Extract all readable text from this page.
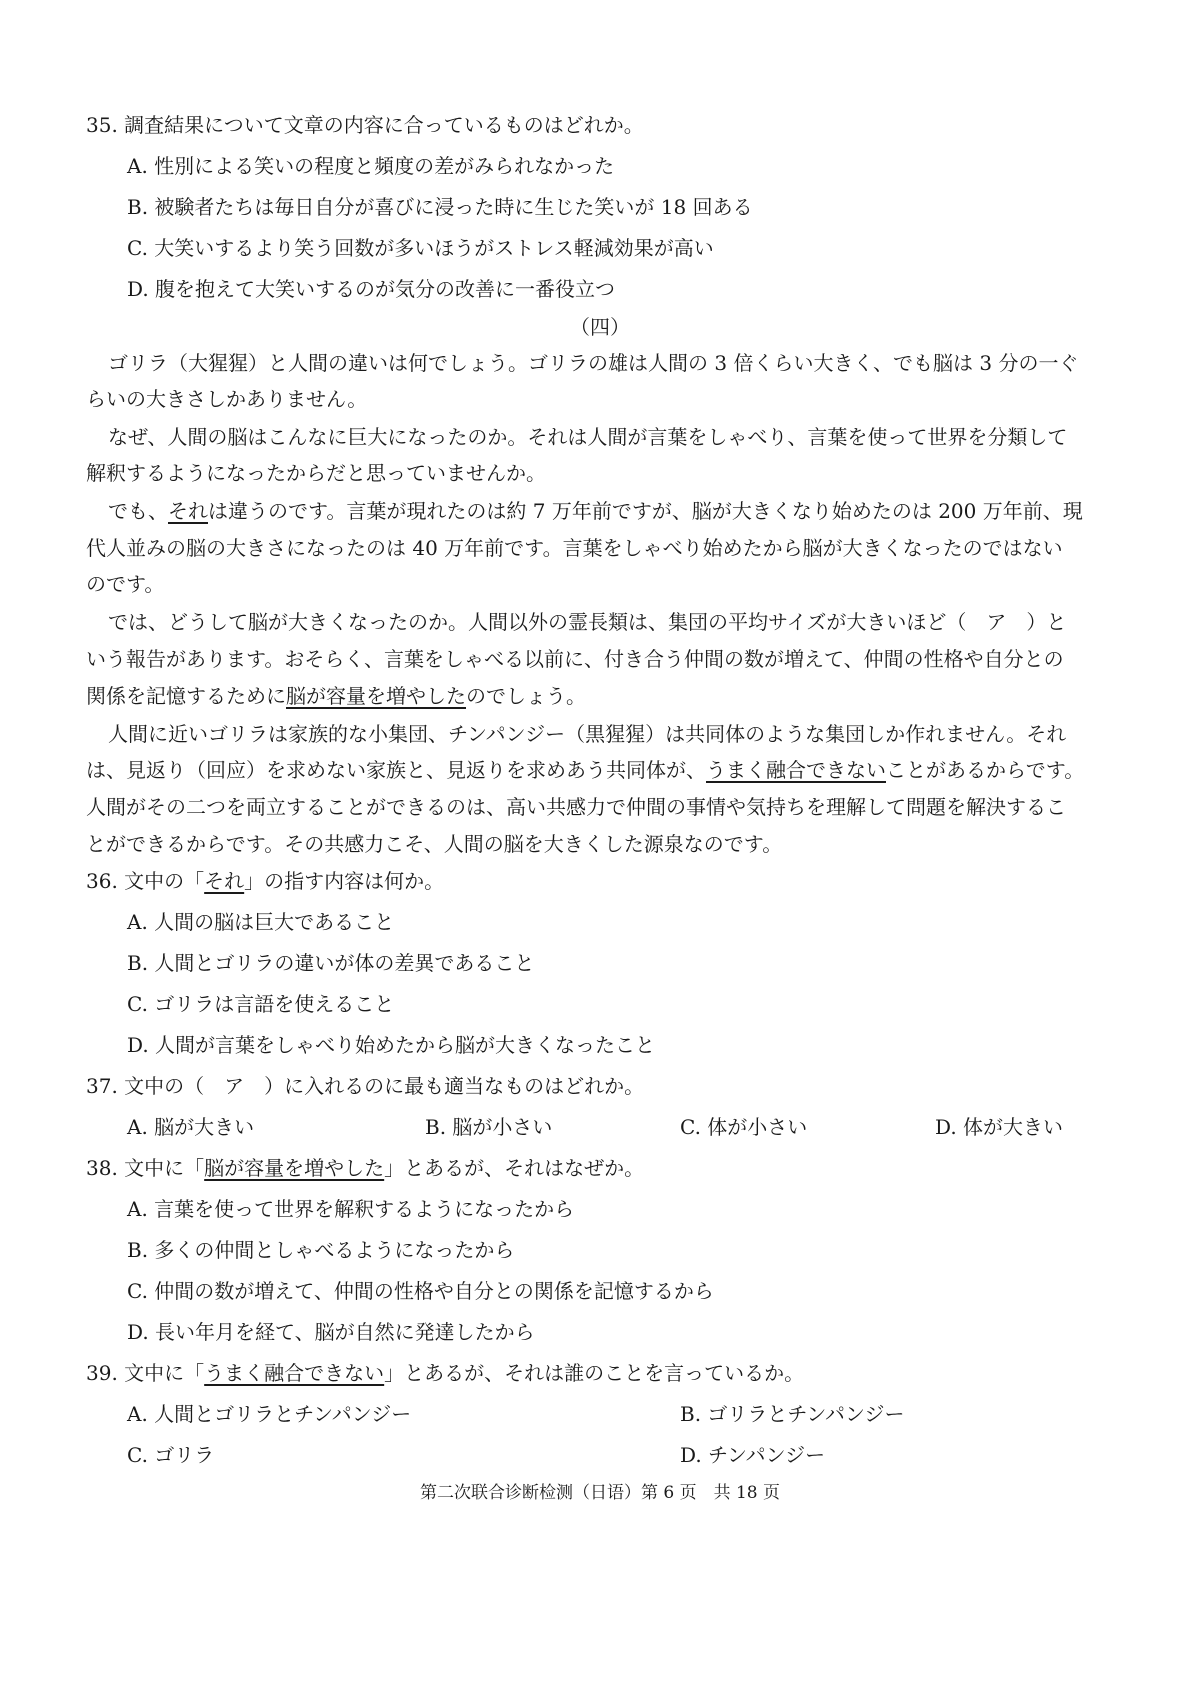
35. 調査結果について文章の内容に合っているものはどれか。
A. 性別による笑いの程度と頻度の差がみられなかった
B. 被験者たちは毎日自分が喜びに浸った時に生じた笑いが 18 回ある
C. 大笑いするより笑う回数が多いほうがストレス軽減効果が高い
D. 腹を抱えて大笑いするのが気分の改善に一番役立つ
（四）
ゴリラ（大猩猩）と人間の違いは何でしょう。ゴリラの雄は人間の 3 倍くらい大きく、でも脳は 3 分の一ぐ
らいの大きさしかありません。
なぜ、人間の脳はこんなに巨大になったのか。それは人間が言葉をしゃべり、言葉を使って世界を分類して
解釈するようになったからだと思っていませんか。
でも、それは違うのです。言葉が現れたのは約 7 万年前ですが、脳が大きくなり始めたのは 200 万年前、現
代人並みの脳の大きさになったのは 40 万年前です。言葉をしゃべり始めたから脳が大きくなったのではない
のです。
では、どうして脳が大きくなったのか。人間以外の霊長類は、集団の平均サイズが大きいほど（　ア　）と
いう報告があります。おそらく、言葉をしゃべる以前に、付き合う仲間の数が増えて、仲間の性格や自分との
関係を記憶するために脳が容量を増やしたのでしょう。
人間に近いゴリラは家族的な小集団、チンパンジー（黒猩猩）は共同体のような集団しか作れません。それ
は、見返り（回应）を求めない家族と、見返りを求めあう共同体が、うまく融合できないことがあるからです。
人間がその二つを両立することができるのは、高い共感力で仲間の事情や気持ちを理解して問題を解決するこ
とができるからです。その共感力こそ、人間の脳を大きくした源泉なのです。
36. 文中の「それ」の指す内容は何か。
A. 人間の脳は巨大であること
B. 人間とゴリラの違いが体の差異であること
C. ゴリラは言語を使えること
D. 人間が言葉をしゃべり始めたから脳が大きくなったこと
37. 文中の（　ア　）に入れるのに最も適当なものはどれか。
A. 脳が大きい	B. 脳が小さい	C. 体が小さい	D. 体が大きい
38. 文中に「脳が容量を増やした」とあるが、それはなぜか。
A. 言葉を使って世界を解釈するようになったから
B. 多くの仲間としゃべるようになったから
C. 仲間の数が増えて、仲間の性格や自分との関係を記憶するから
D. 長い年月を経て、脳が自然に発達したから
39. 文中に「うまく融合できない」とあるが、それは誰のことを言っているか。
A. 人間とゴリラとチンパンジー	B. ゴリラとチンパンジー
C. ゴリラ	D. チンパンジー
第二次联合诊断检测（日语）第 6 页　共 18 页
